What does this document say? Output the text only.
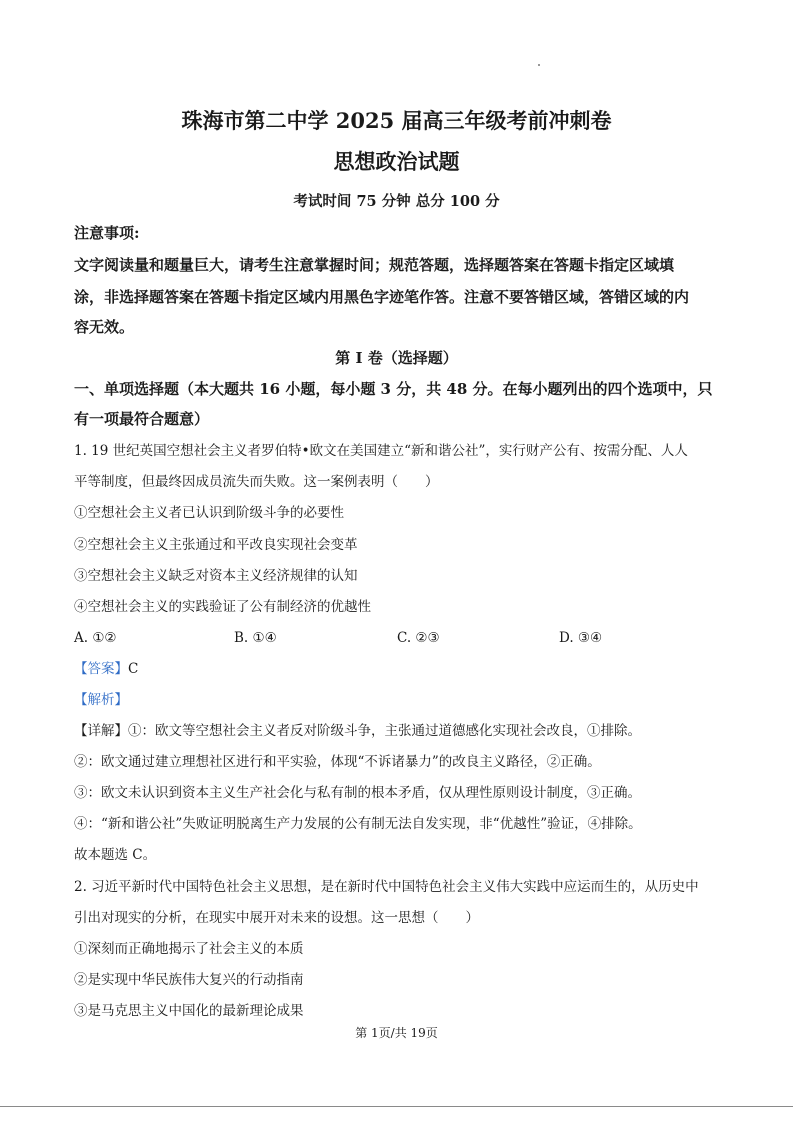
珠海市第二中学 2025 届高三年级考前冲刺卷
思想政治试题
考试时间 75 分钟 总分 100 分
注意事项:
文字阅读量和题量巨大，请考生注意掌握时间；规范答题，选择题答案在答题卡指定区域填
涂，非选择题答案在答题卡指定区域内用黑色字迹笔作答。注意不要答错区域，答错区域的内
容无效。
第 I 卷（选择题）
一、单项选择题（本大题共 16 小题，每小题 3 分，共 48 分。在每小题列出的四个选项中，只
有一项最符合题意）
1. 19 世纪英国空想社会主义者罗伯特•欧文在美国建立“新和谐公社”，实行财产公有、按需分配、人人
平等制度，但最终因成员流失而失败。这一案例表明（　　）
①空想社会主义者已认识到阶级斗争的必要性
②空想社会主义主张通过和平改良实现社会变革
③空想社会主义缺乏对资本主义经济规律的认知
④空想社会主义的实践验证了公有制经济的优越性
A. ①②	B. ①④	C. ②③	D. ③④
【答案】C
【解析】
【详解】①：欧文等空想社会主义者反对阶级斗争，主张通过道德感化实现社会改良，①排除。
②：欧文通过建立理想社区进行和平实验，体现“不诉诸暴力”的改良主义路径，②正确。
③：欧文未认识到资本主义生产社会化与私有制的根本矛盾，仅从理性原则设计制度，③正确。
④：“新和谐公社”失败证明脱离生产力发展的公有制无法自发实现，非“优越性”验证，④排除。
故本题选 C。
2. 习近平新时代中国特色社会主义思想，是在新时代中国特色社会主义伟大实践中应运而生的，从历史中
引出对现实的分析，在现实中展开对未来的设想。这一思想（　　）
①深刻而正确地揭示了社会主义的本质
②是实现中华民族伟大复兴的行动指南
③是马克思主义中国化的最新理论成果
第 1页/共 19页
